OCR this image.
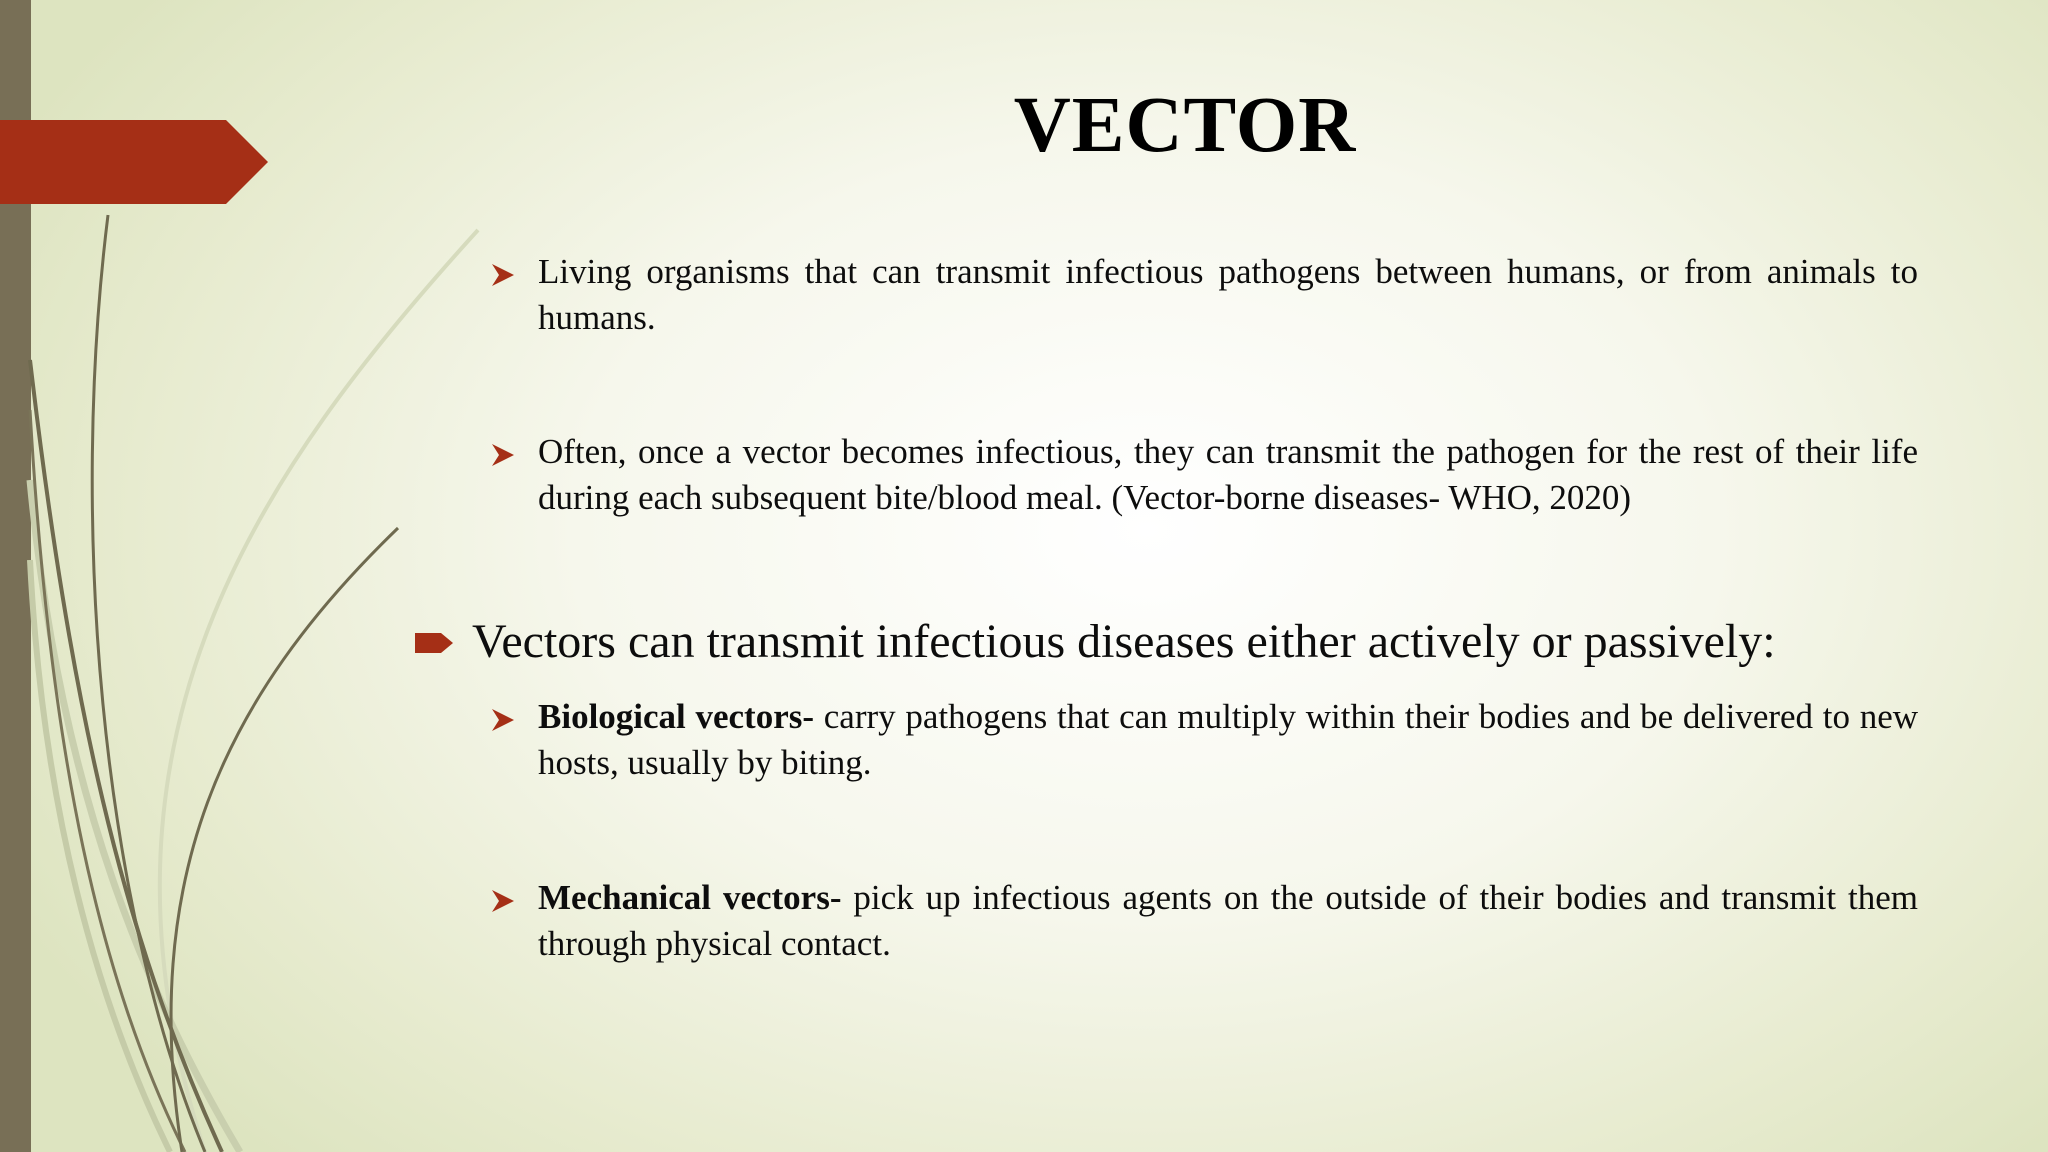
VECTOR
Living organisms that can transmit infectious pathogens between humans, or from animals to humans.
Often, once a vector becomes infectious, they can transmit the pathogen for the rest of their life during each subsequent bite/blood meal. (Vector-borne diseases- WHO, 2020)
Vectors can transmit infectious diseases either actively or passively:
Biological vectors- carry pathogens that can multiply within their bodies and be delivered to new hosts, usually by biting.
Mechanical vectors- pick up infectious agents on the outside of their bodies and transmit them through physical contact.
